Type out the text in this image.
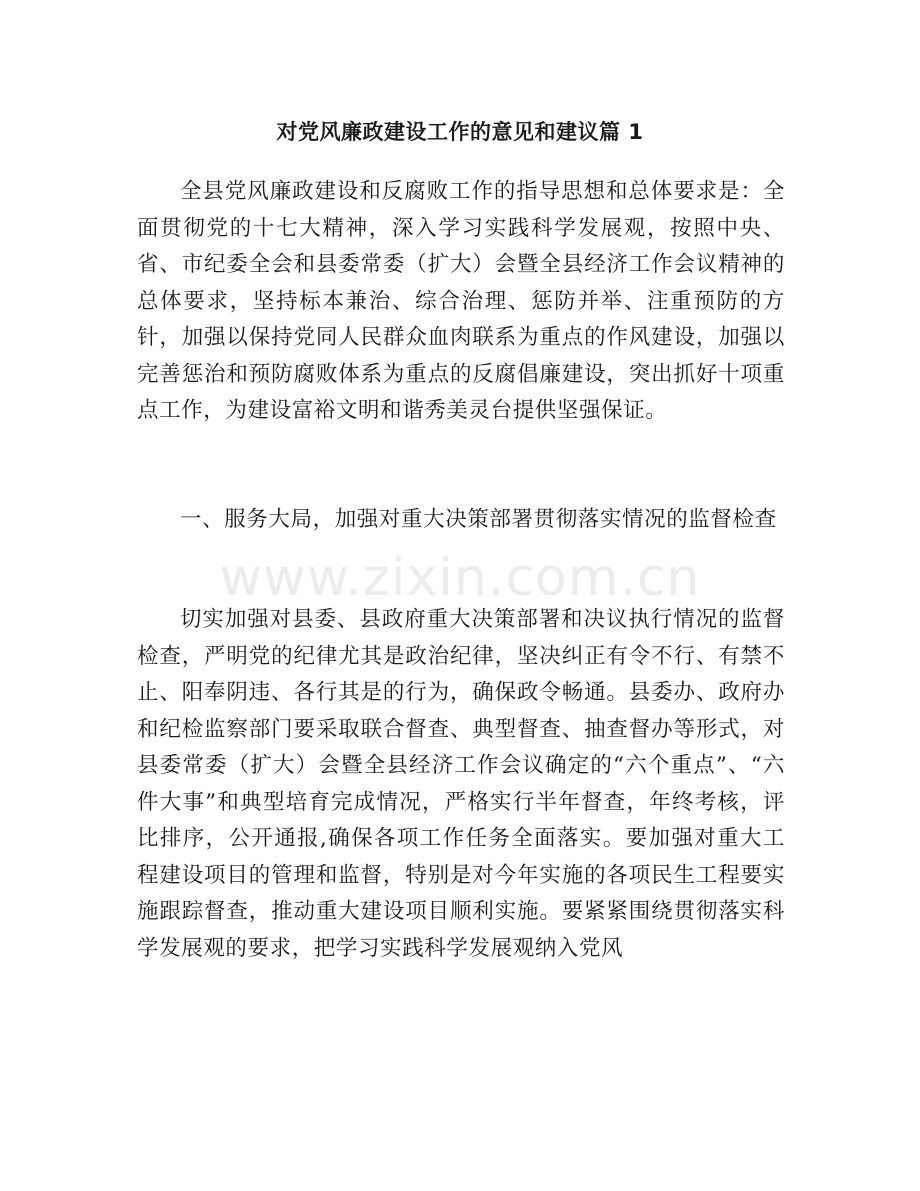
对党风廉政建设工作的意见和建议篇 1

全县党风廉政建设和反腐败工作的指导思想和总体要求是：全面贯彻党的十七大精神，深入学习实践科学发展观，按照中央、省、市纪委全会和县委常委（扩大）会暨全县经济工作会议精神的总体要求，坚持标本兼治、综合治理、惩防并举、注重预防的方针，加强以保持党同人民群众血肉联系为重点的作风建设，加强以完善惩治和预防腐败体系为重点的反腐倡廉建设，突出抓好十项重点工作，为建设富裕文明和谐秀美灵台提供坚强保证。

一、服务大局，加强对重大决策部署贯彻落实情况的监督检查

www.zixin.com.cn

切实加强对县委、县政府重大决策部署和决议执行情况的监督检查，严明党的纪律尤其是政治纪律，坚决纠正有令不行、有禁不止、阳奉阴违、各行其是的行为，确保政令畅通。县委办、政府办和纪检监察部门要采取联合督查、典型督查、抽查督办等形式，对县委常委（扩大）会暨全县经济工作会议确定的“六个重点”、“六件大事”和典型培育完成情况，严格实行半年督查，年终考核，评比排序，公开通报,确保各项工作任务全面落实。要加强对重大工程建设项目的管理和监督，特别是对今年实施的各项民生工程要实施跟踪督查，推动重大建设项目顺利实施。要紧紧围绕贯彻落实科学发展观的要求，把学习实践科学发展观纳入党风
